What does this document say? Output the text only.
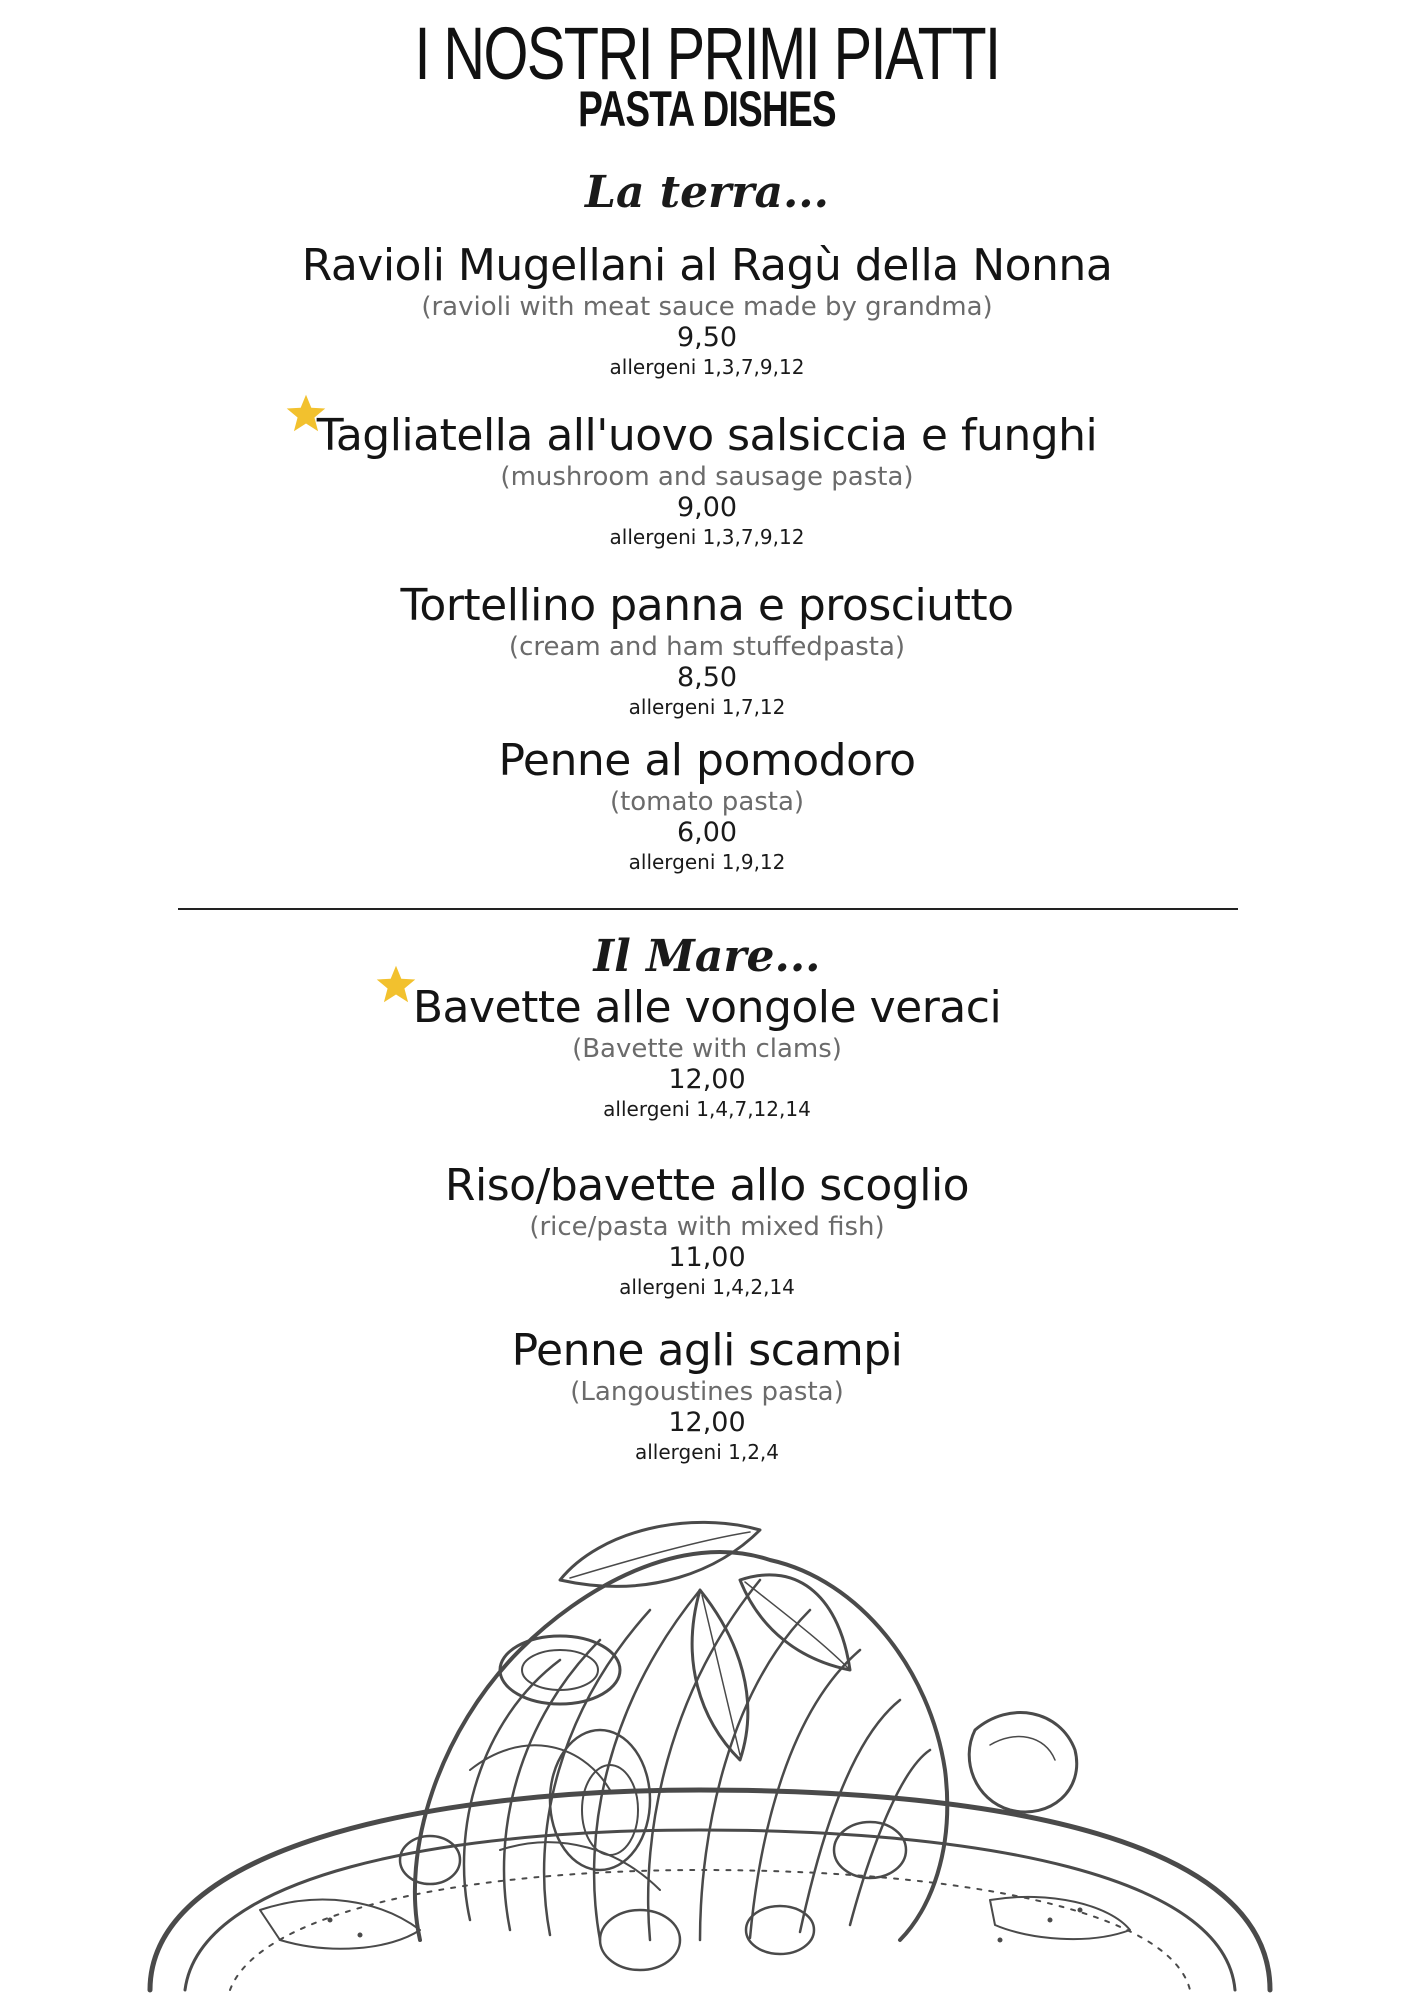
I NOSTRI PRIMI PIATTI
PASTA DISHES
La terra...
Ravioli Mugellani al Ragù della Nonna
(ravioli with meat sauce made by grandma)
9,50
allergeni 1,3,7,9,12
Tagliatella all'uovo salsiccia e funghi
(mushroom and sausage pasta)
9,00
allergeni 1,3,7,9,12
Tortellino panna e prosciutto
(cream and ham stuffedpasta)
8,50
allergeni 1,7,12
Penne al pomodoro
(tomato pasta)
6,00
allergeni 1,9,12
Il Mare...
Bavette alle vongole veraci
(Bavette with clams)
12,00
allergeni 1,4,7,12,14
Riso/bavette allo scoglio
(rice/pasta with mixed fish)
11,00
allergeni 1,4,2,14
Penne agli scampi
(Langoustines pasta)
12,00
allergeni 1,2,4
